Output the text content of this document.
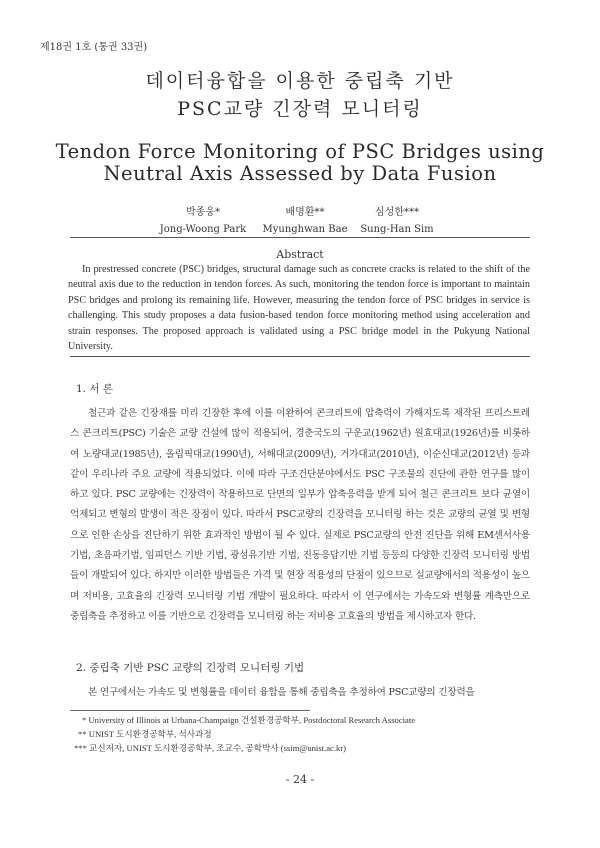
제18권 1호 (통권 33권)
데이터융합을 이용한 중립축 기반
PSC교량 긴장력 모니터링
Tendon Force Monitoring of PSC Bridges using
Neutral Axis Assessed by Data Fusion
박종웅*
Jong-Woong Park
배명환**
Myunghwan Bae
심성한***
Sung-Han Sim
Abstract
In prestressed concrete (PSC) bridges, structural damage such as concrete cracks is related to the shift of the neutral axis due to the reduction in tendon forces. As such, monitoring the tendon force is important to maintain PSC bridges and prolong its remaining life. However, measuring the tendon force of PSC bridges in service is challenging. This study proposes a data fusion-based tendon force monitoring method using acceleration and strain responses. The proposed approach is validated using a PSC bridge model in the Pukyung National University.
1. 서 론
철근과 같은 긴장재를 미리 긴장한 후에 이를 이완하여 콘크리트에 압축력이 가해지도록 제작된 프리스트레스 콘크리트(PSC) 기술은 교량 건설에 많이 적용되어, 경춘국도의 구운교(1962년) 원효대교(1926년)를 비롯하여 노량대교(1985년), 올림픽대교(1990년), 서해대교(2009년), 거가대교(2010년), 이순신대교(2012년) 등과 같이 우리나라 주요 교량에 적용되었다. 이에 따라 구조건단분야에서도 PSC 구조물의 진단에 관한 연구를 많이 하고 있다. PSC 교량에는 긴장력이 작용하므로 단면의 일부가 압축응력을 받게 되어 철근 콘크리트 보다 균열이 억제되고 변형의 발생이 적은 장점이 있다. 따라서 PSC교량의 긴장력을 모니터링 하는 것은 교량의 균열 및 변형으로 인한 손상을 진단하기 위한 효과적인 방법이 될 수 있다. 실제로 PSC교량의 안전 진단을 위해 EM센서사용기법, 초음파기법, 임피던스 기반 기법, 광섬유기반 기법, 진동응답기반 기법 등등의 다양한 긴장력 모니터링 방법들이 개발되어 있다. 하지만 이러한 방법들은 가격 및 현장 적용성의 단점이 있으므로 실교량에서의 적용성이 높으며 저비용, 고효율의 긴장력 모니터링 기법 개발이 필요하다. 따라서 이 연구에서는 가속도와 변형률 계측만으로 중립축을 추정하고 이를 기반으로 긴장력을 모니터링 하는 저비용 고효율의 방법을 제시하고자 한다.
2. 중립축 기반 PSC 교량의 긴장력 모니터링 기법
본 연구에서는 가속도 및 변형률을 데이터 융합을 통해 중립축을 추정하여 PSC교량의 긴장력을
* University of Illinois at Urbana-Champaign 건설환경공학부, Postdoctoral Research Associate
** UNIST 도시환경공학부, 석사과정
*** 교신저자, UNIST 도시환경공학부, 조교수, 공학박사 (ssim@unist.ac.kr)
- 24 -
